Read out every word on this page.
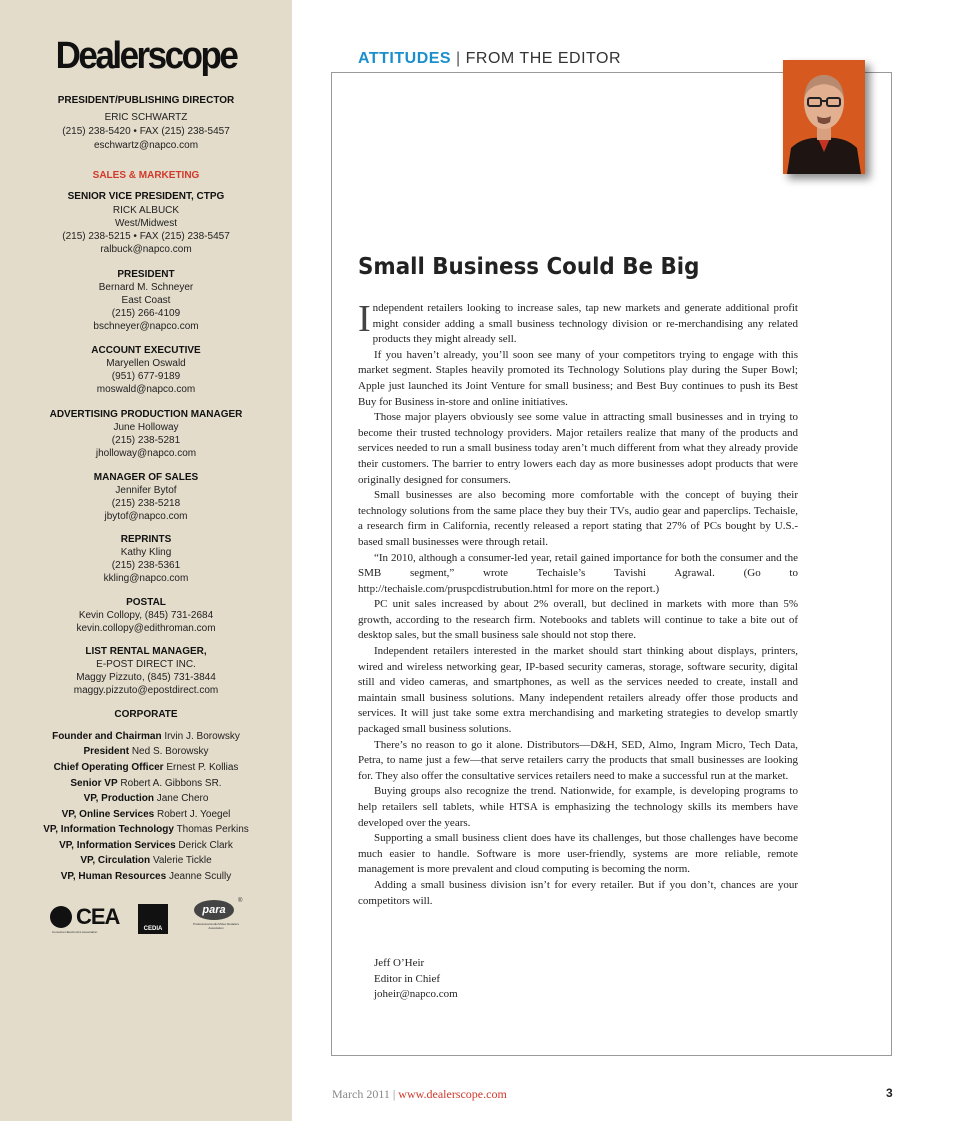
Dealerscope
PRESIDENT/PUBLISHING DIRECTOR
ERIC SCHWARTZ
(215) 238-5420 • FAX (215) 238-5457
eschwartz@napco.com
SALES & MARKETING
SENIOR VICE PRESIDENT, CTPG
RICK ALBUCK
West/Midwest
(215) 238-5215 • FAX (215) 238-5457
ralbuck@napco.com
PRESIDENT
Bernard M. Schneyer
East Coast
(215) 266-4109
bschneyer@napco.com
ACCOUNT EXECUTIVE
Maryellen Oswald
(951) 677-9189
moswald@napco.com
ADVERTISING PRODUCTION MANAGER
June Holloway
(215) 238-5281
jholloway@napco.com
MANAGER OF SALES
Jennifer Bytof
(215) 238-5218
jbytof@napco.com
REPRINTS
Kathy Kling
(215) 238-5361
kkling@napco.com
POSTAL
Kevin Collopy, (845) 731-2684
kevin.collopy@edithroman.com
LIST RENTAL MANAGER,
E-POST DIRECT INC.
Maggy Pizzuto, (845) 731-3844
maggy.pizzuto@epostdirect.com
CORPORATE
Founder and Chairman Irvin J. Borowsky
President Ned S. Borowsky
Chief Operating Officer Ernest P. Kollias
Senior VP Robert A. Gibbons SR.
VP, Production Jane Chero
VP, Online Services Robert J. Yoegel
VP, Information Technology Thomas Perkins
VP, Information Services Derick Clark
VP, Circulation Valerie Tickle
VP, Human Resources Jeanne Scully
CEA
Consumer Electronics Association	CEDIA
para
®
Professional Audio/Video Retailers Association
ATTITUDES | FROM THE EDITOR
Small Business Could Be Big

Independent retailers looking to increase sales, tap new markets and generate additional profit might consider adding a small business technology division or re-merchandising any related products they might already sell.

If you haven’t already, you’ll soon see many of your competitors trying to engage with this market segment. Staples heavily promoted its Technology Solutions play during the Super Bowl; Apple just launched its Joint Venture for small business; and Best Buy continues to push its Best Buy for Business in-store and online initiatives.

Those major players obviously see some value in attracting small businesses and in trying to become their trusted technology providers. Major retailers realize that many of the products and services needed to run a small business today aren’t much different from what they already provide their customers. The barrier to entry lowers each day as more businesses adopt products that were originally designed for consumers.

Small businesses are also becoming more comfortable with the concept of buying their technology solutions from the same place they buy their TVs, audio gear and paperclips. Techaisle, a research firm in California, recently released a report stating that 27% of PCs bought by U.S.-based small businesses were through retail.

“In 2010, although a consumer-led year, retail gained importance for both the consumer and the SMB segment,” wrote Techaisle’s Tavishi Agrawal. (Go to http://techaisle.com/pruspcdistrubution.html for more on the report.)

PC unit sales increased by about 2% overall, but declined in markets with more than 5% growth, according to the research firm. Notebooks and tablets will continue to take a bite out of desktop sales, but the small business sale should not stop there.

Independent retailers interested in the market should start thinking about displays, printers, wired and wireless networking gear, IP-based security cameras, storage, software security, digital still and video cameras, and smartphones, as well as the services needed to create, install and maintain small business solutions. Many independent retailers already offer those products and services. It will just take some extra merchandising and marketing strategies to develop smartly packaged small business solutions.

There’s no reason to go it alone. Distributors—D&H, SED, Almo, Ingram Micro, Tech Data, Petra, to name just a few—that serve retailers carry the products that small businesses are looking for. They also offer the consultative services retailers need to make a successful run at the market.

Buying groups also recognize the trend. Nationwide, for example, is developing programs to help retailers sell tablets, while HTSA is emphasizing the technology skills its members have developed over the years.

Supporting a small business client does have its challenges, but those challenges have become much easier to handle. Software is more user-friendly, systems are more reliable, remote management is more prevalent and cloud computing is becoming the norm.

Adding a small business division isn’t for every retailer. But if you don’t, chances are your competitors will.

Jeff O’Heir
Editor in Chief
joheir@napco.com
March 2011 | www.dealerscope.com	3
